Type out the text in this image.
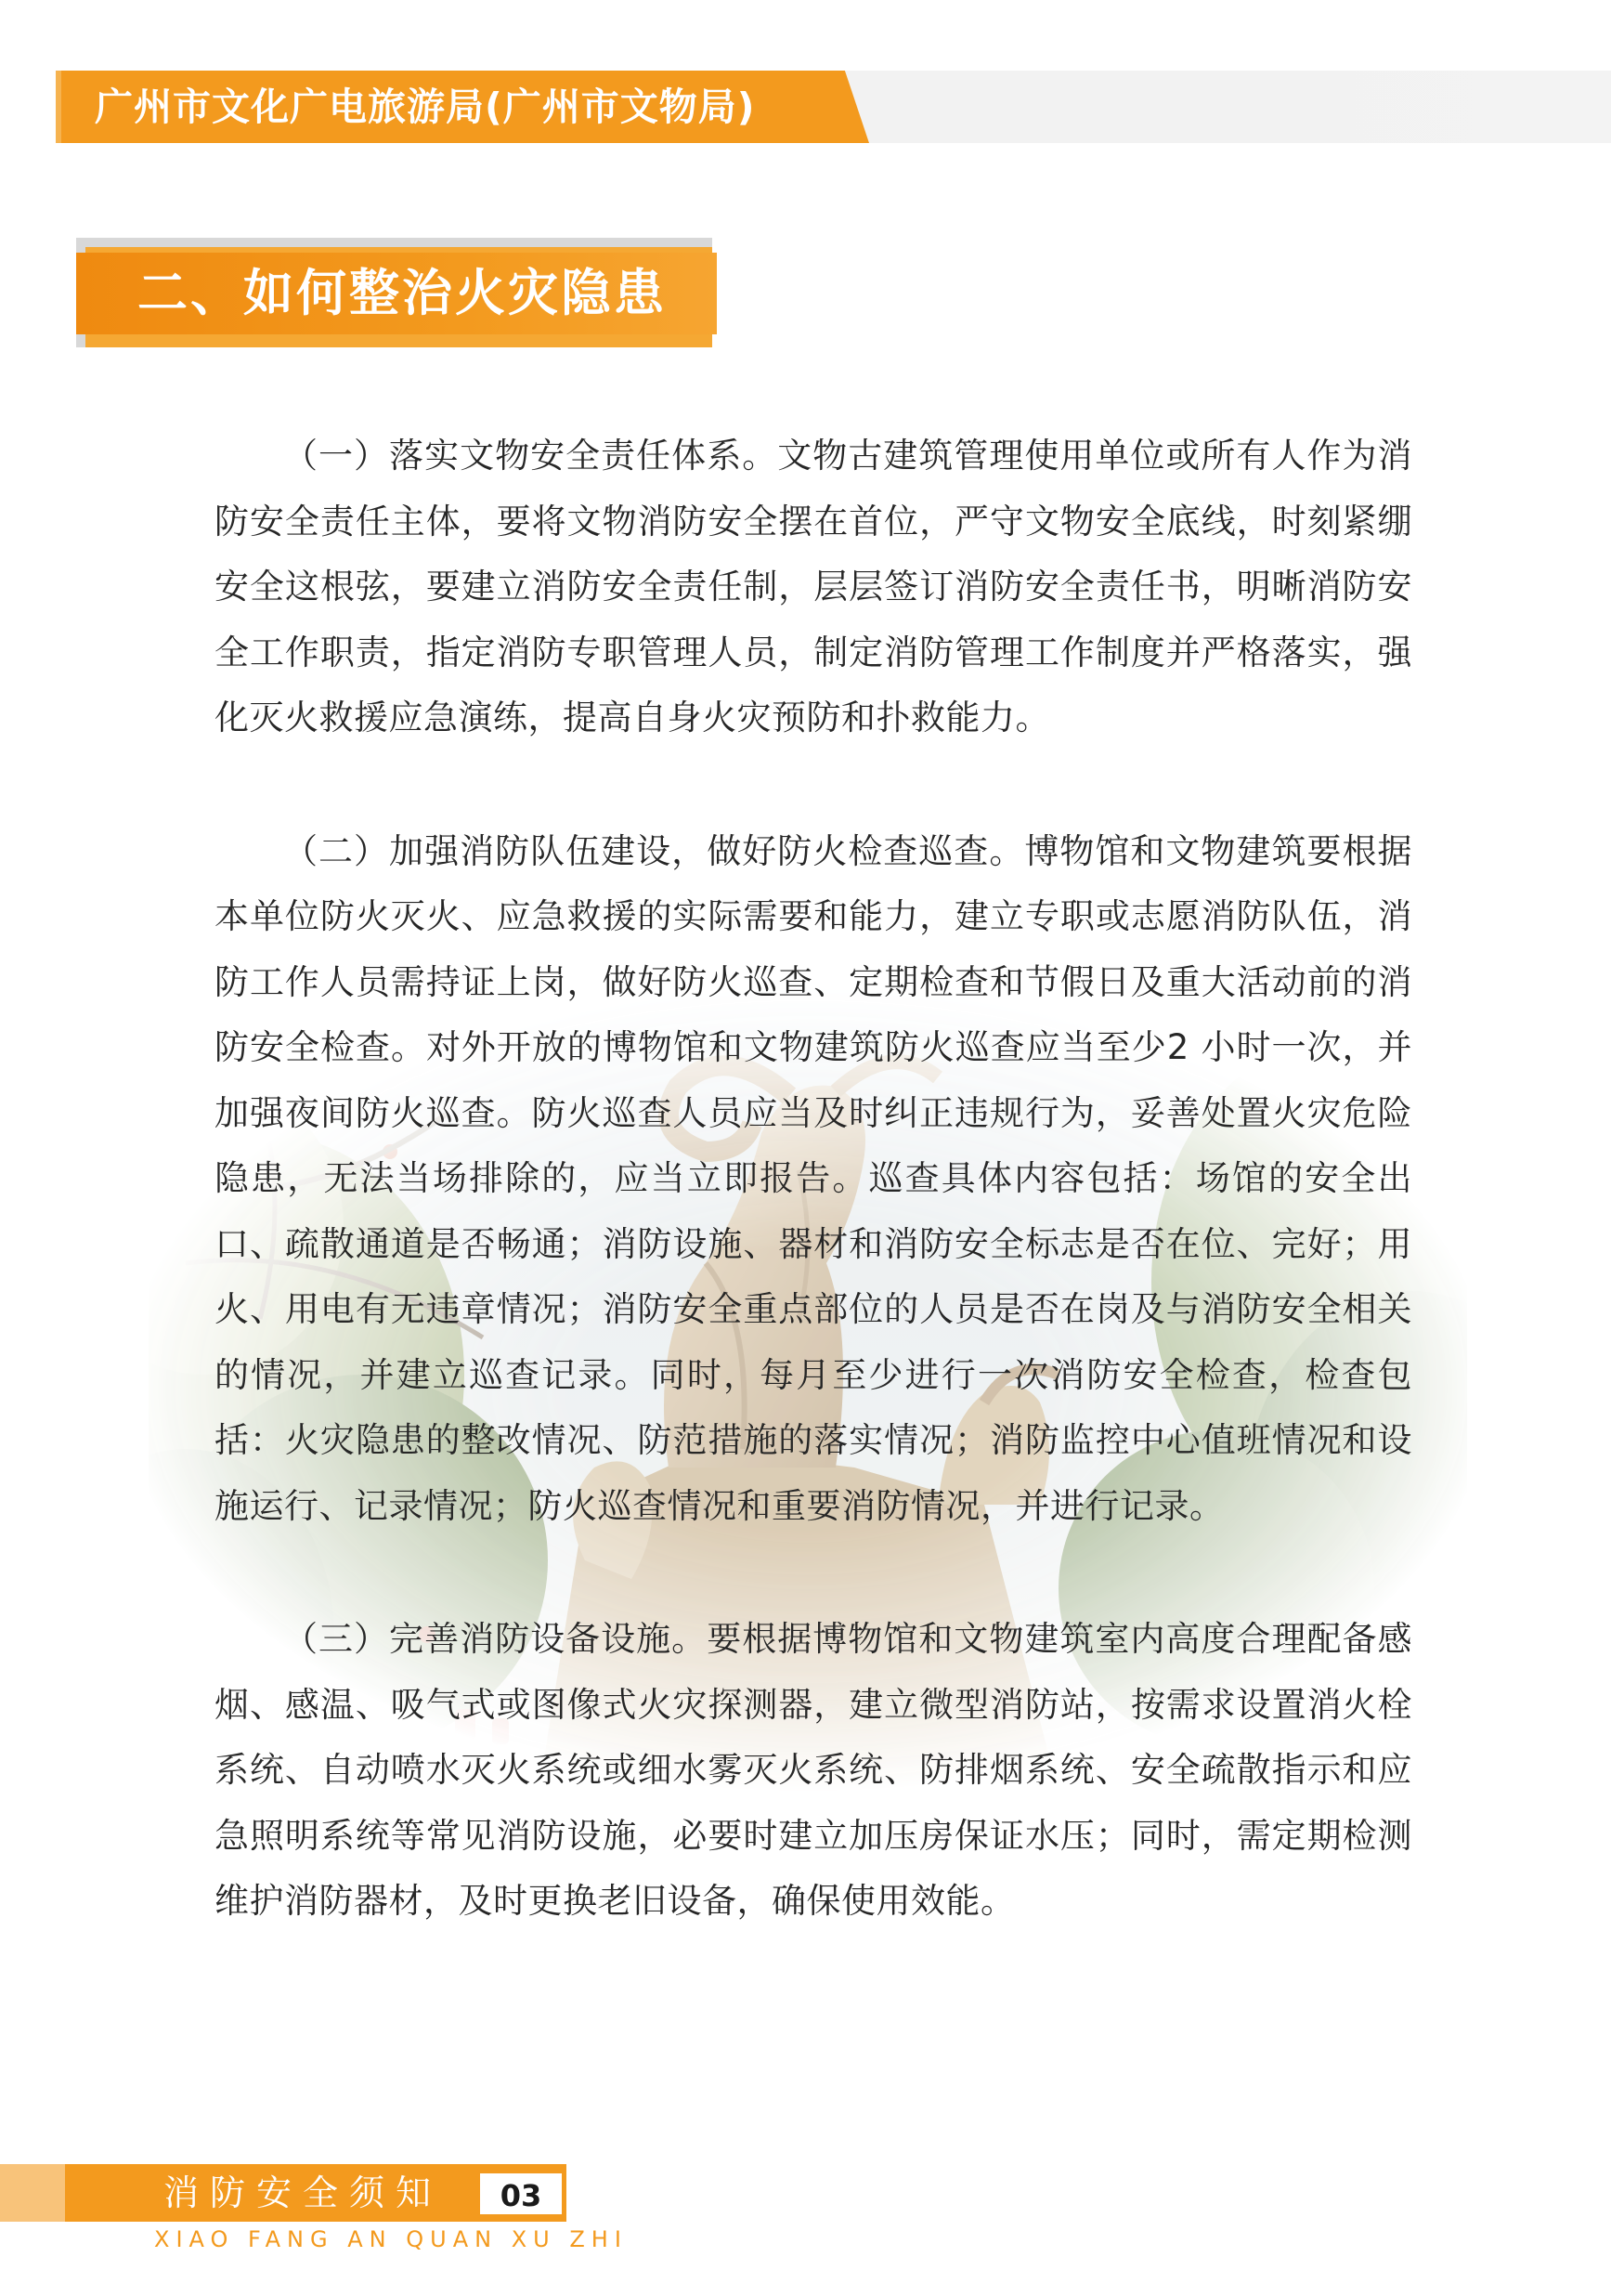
广州市文化广电旅游局(广州市文物局)
二、如何整治火灾隐患

（一）落实文物安全责任体系。文物古建筑管理使用单位或所有人作为消防安全责任主体，要将文物消防安全摆在首位，严守文物安全底线，时刻紧绷安全这根弦，要建立消防安全责任制，层层签订消防安全责任书，明晰消防安全工作职责，指定消防专职管理人员，制定消防管理工作制度并严格落实，强化灭火救援应急演练，提高自身火灾预防和扑救能力。

（二）加强消防队伍建设，做好防火检查巡查。博物馆和文物建筑要根据本单位防火灭火、应急救援的实际需要和能力，建立专职或志愿消防队伍，消防工作人员需持证上岗，做好防火巡查、定期检查和节假日及重大活动前的消防安全检查。对外开放的博物馆和文物建筑防火巡查应当至少2 小时一次，并加强夜间防火巡查。防火巡查人员应当及时纠正违规行为，妥善处置火灾危险隐患，无法当场排除的，应当立即报告。巡查具体内容包括：场馆的安全出口、疏散通道是否畅通；消防设施、器材和消防安全标志是否在位、完好；用火、用电有无违章情况；消防安全重点部位的人员是否在岗及与消防安全相关的情况，并建立巡查记录。同时，每月至少进行一次消防安全检查，检查包括：火灾隐患的整改情况、防范措施的落实情况；消防监控中心值班情况和设施运行、记录情况；防火巡查情况和重要消防情况，并进行记录。

（三）完善消防设备设施。要根据博物馆和文物建筑室内高度合理配备感烟、感温、吸气式或图像式火灾探测器，建立微型消防站，按需求设置消火栓系统、自动喷水灭火系统或细水雾灭火系统、防排烟系统、安全疏散指示和应急照明系统等常见消防设施，必要时建立加压房保证水压；同时，需定期检测维护消防器材，及时更换老旧设备，确保使用效能。

消防安全须知	03
XIAO FANG AN QUAN XU ZHI
